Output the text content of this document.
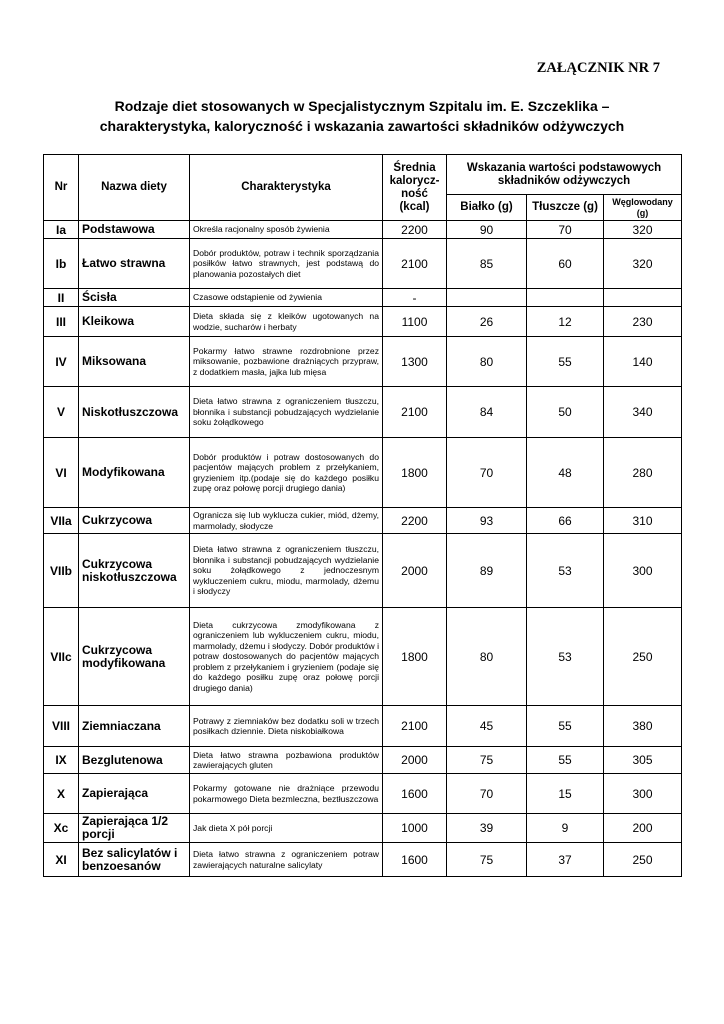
ZAŁĄCZNIK NR 7
Rodzaje diet stosowanych w Specjalistycznym Szpitalu im. E. Szczeklika –
charakterystyka, kaloryczność i wskazania zawartości składników odżywczych
Nr	Nazwa diety	Charakterystyka	Średnia
kalorycz-
ność
(kcal)	Wskazania wartości podstawowych składników odżywczych		
				Białko (g)	Tłuszcze (g)	Węglowodany (g)
Ia	Podstawowa	Określa racjonalny sposób żywienia	2200	90	70	320
Ib	Łatwo strawna	Dobór produktów, potraw i technik sporządzania posiłków łatwo strawnych, jest podstawą do planowania pozostałych diet	2100	85	60	320
II	Ścisła	Czasowe odstąpienie od żywienia	-			
III	Kleikowa	Dieta składa się z kleików ugotowanych na wodzie, sucharów i herbaty	1100	26	12	230
IV	Miksowana	Pokarmy łatwo strawne rozdrobnione przez miksowanie, pozbawione drażniących przypraw, z dodatkiem masła, jajka lub mięsa	1300	80	55	140
V	Niskotłuszczowa	Dieta łatwo strawna z ograniczeniem tłuszczu, błonnika i substancji pobudzających wydzielanie soku żołądkowego	2100	84	50	340
VI	Modyfikowana	Dobór produktów i potraw dostosowanych do pacjentów mających problem z przełykaniem, gryzieniem itp.(podaje się do każdego posiłku zupę oraz połowę porcji drugiego dania)	1800	70	48	280
VIIa	Cukrzycowa	Ogranicza się lub wyklucza cukier, miód, dżemy, marmolady, słodycze	2200	93	66	310
VIIb	Cukrzycowa niskotłuszczowa	Dieta łatwo strawna z ograniczeniem tłuszczu, błonnika i substancji pobudzających wydzielanie soku żołądkowego z jednoczesnym wykluczeniem cukru, miodu, marmolady, dżemu i słodyczy	2000	89	53	300
VIIc	Cukrzycowa modyfikowana	Dieta cukrzycowa zmodyfikowana z ograniczeniem lub wykluczeniem cukru, miodu, marmolady, dżemu i słodyczy. Dobór produktów i potraw dostosowanych do pacjentów mających problem z przełykaniem i gryzieniem (podaje się do każdego posiłku zupę oraz połowę porcji drugiego dania)	1800	80	53	250
VIII	Ziemniaczana	Potrawy z ziemniaków bez dodatku soli w trzech posiłkach dziennie. Dieta niskobiałkowa	2100	45	55	380
IX	Bezglutenowa	Dieta łatwo strawna pozbawiona produktów zawierających gluten	2000	75	55	305
X	Zapierająca	Pokarmy gotowane nie drażniące przewodu pokarmowego Dieta bezmleczna, beztłuszczowa	1600	70	15	300
Xc	Zapierająca 1/2 porcji	Jak dieta X pół porcji	1000	39	9	200
XI	Bez salicylatów i benzoesanów	Dieta łatwo strawna z ograniczeniem potraw zawierających naturalne salicylaty	1600	75	37	250
